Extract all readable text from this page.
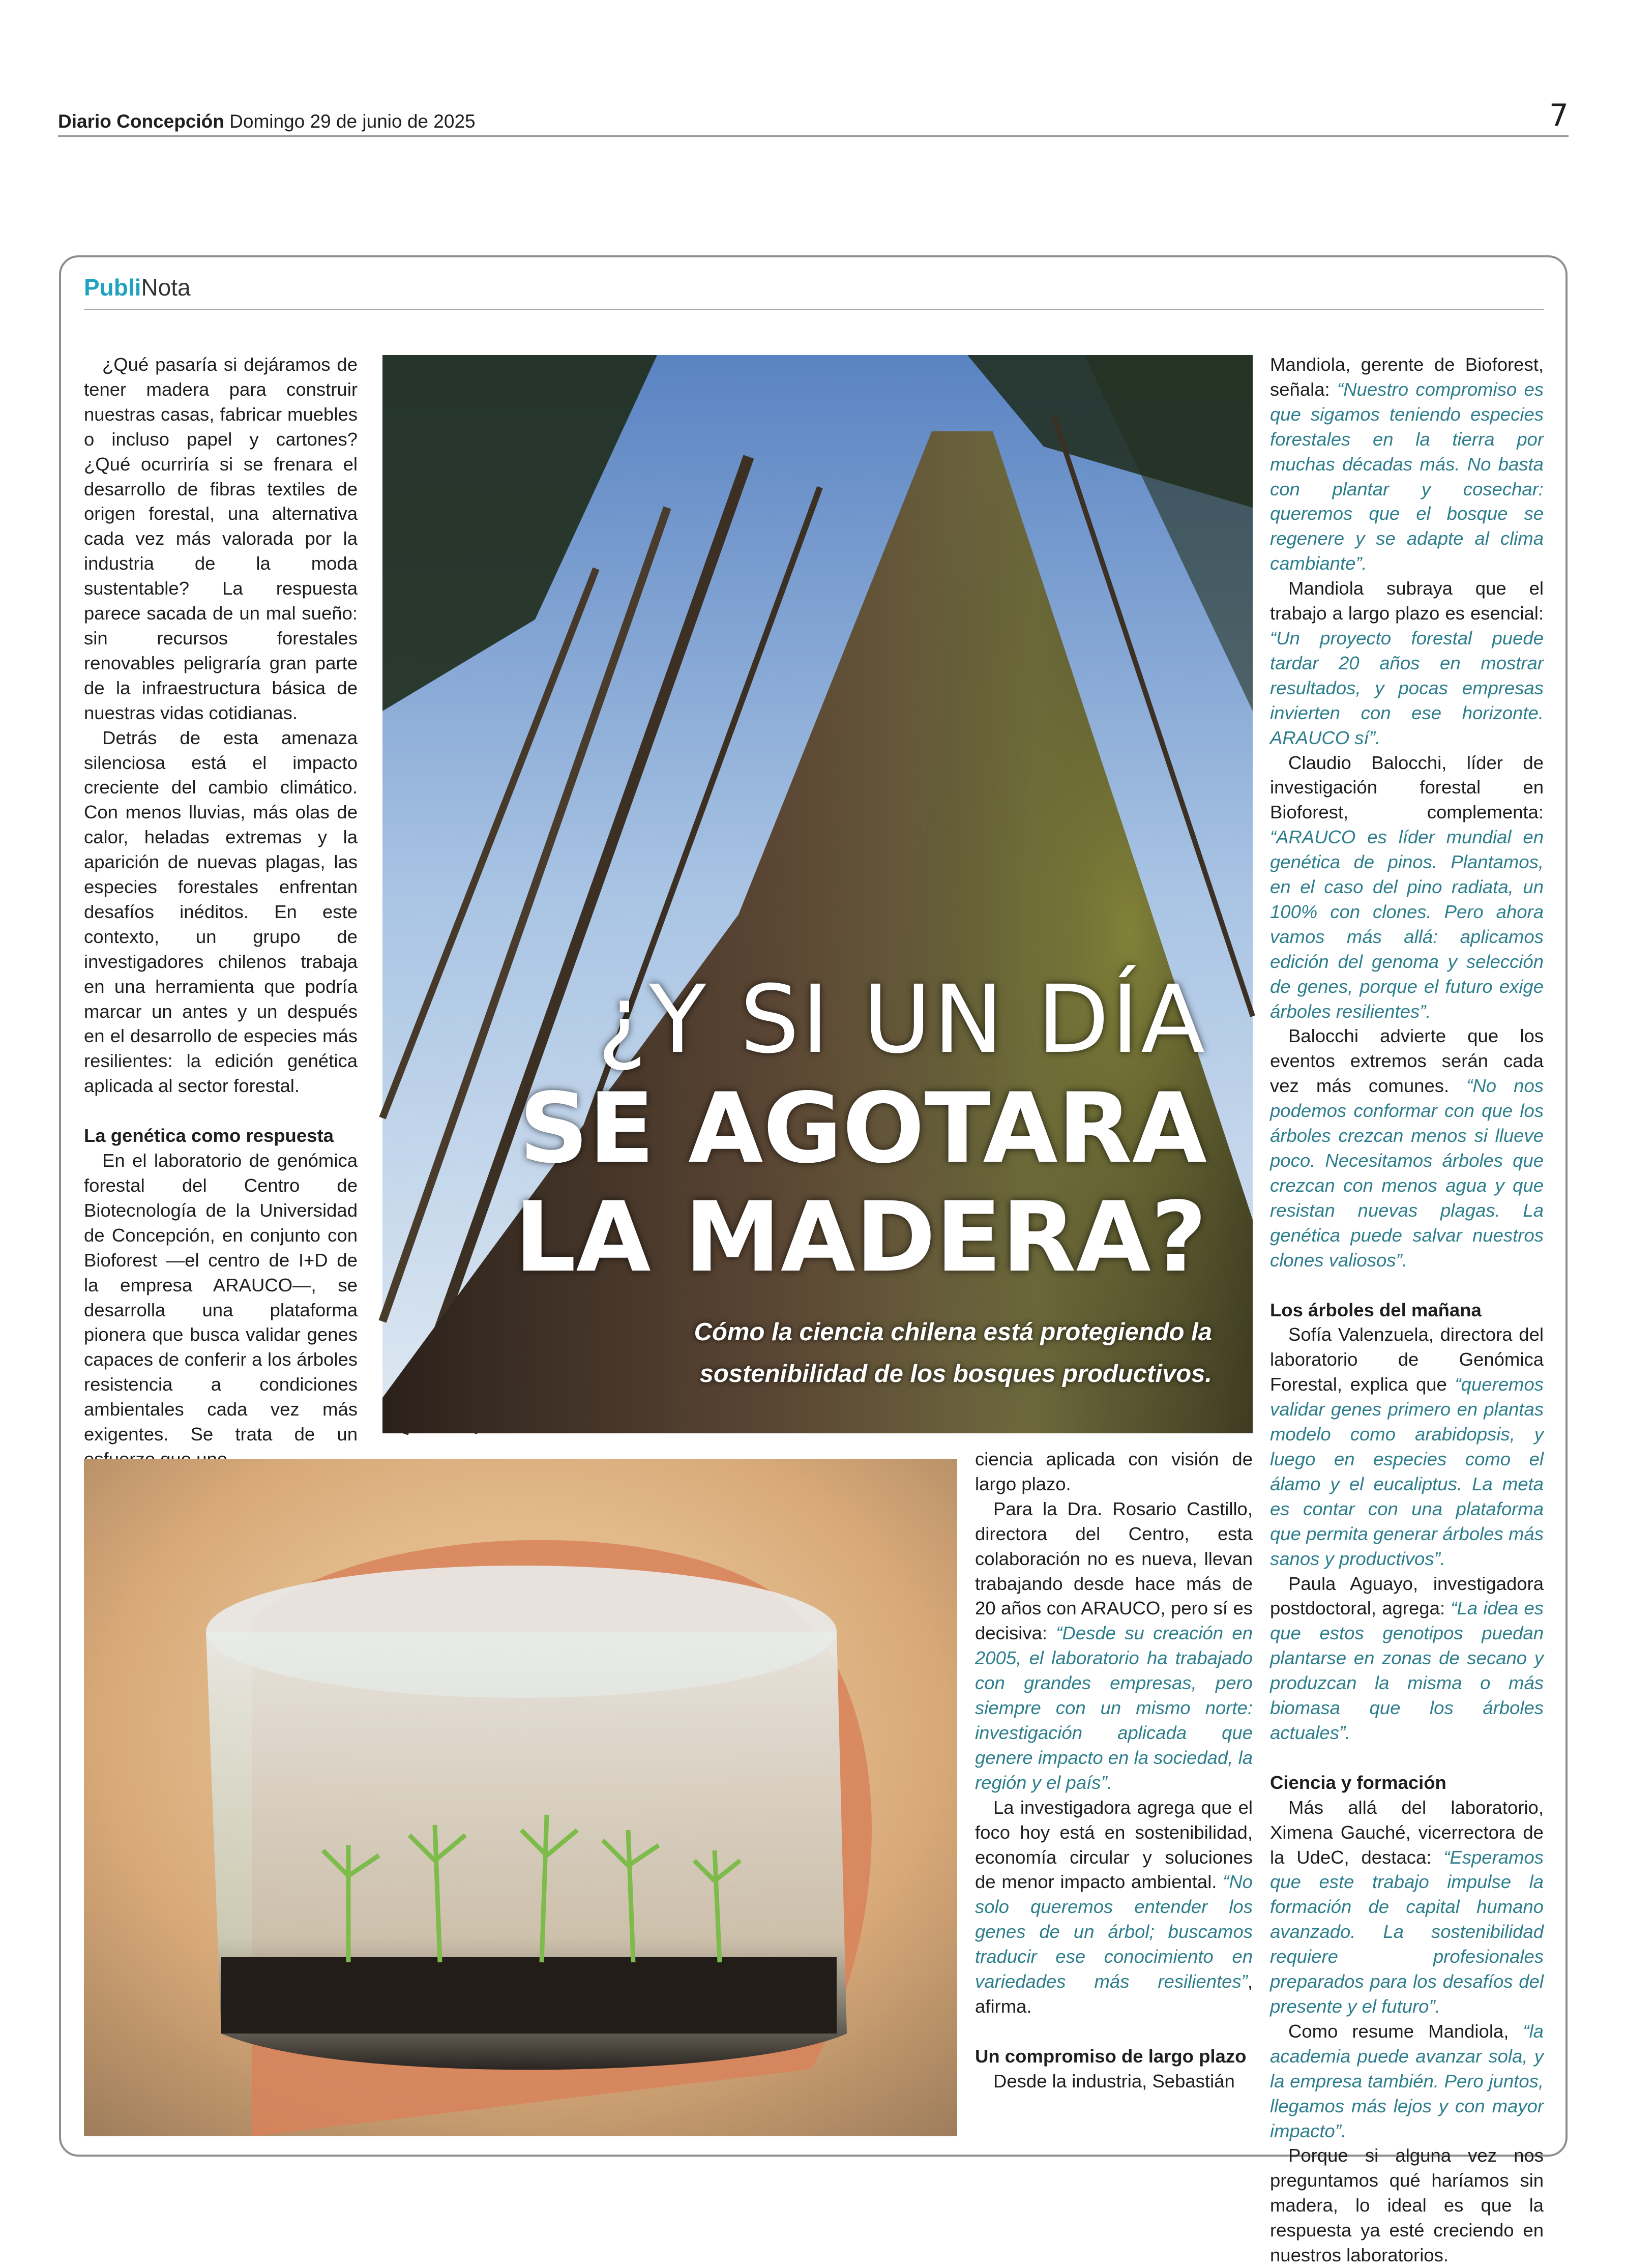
Diario Concepción Domingo 29 de junio de 2025	7
PubliNota

¿Qué pasaría si dejáramos de tener madera para construir nuestras casas, fabricar muebles o incluso papel y cartones? ¿Qué ocurriría si se frenara el desarrollo de fibras textiles de origen forestal, una alternativa cada vez más valorada por la industria de la moda sustentable? La respuesta parece sacada de un mal sueño: sin recursos forestales renovables peligraría gran parte de la infraestructura básica de nuestras vidas cotidianas.

Detrás de esta amenaza silenciosa está el impacto creciente del cambio climático. Con menos lluvias, más olas de calor, heladas extremas y la aparición de nuevas plagas, las especies forestales enfrentan desafíos inéditos. En este contexto, un grupo de investigadores chilenos trabaja en una herramienta que podría marcar un antes y un después en el desarrollo de especies más resilientes: la edición genética aplicada al sector forestal.

La genética como respuesta

En el laboratorio de genómica forestal del Centro de Biotecnología de la Universidad de Concepción, en conjunto con Bioforest —el centro de I+D de la empresa ARAUCO—, se desarrolla una plataforma pionera que busca validar genes capaces de conferir a los árboles resistencia a condiciones ambientales cada vez más exigentes. Se trata de un

¿Y SI UN DÍA
SE AGOTARA
LA MADERA?
Cómo la ciencia chilena está protegiendo la sostenibilidad de los bosques productivos.

ciencia aplicada con visión de largo plazo.

Para la Dra. Rosario Castillo, directora del Centro, esta colaboración no es nueva, llevan trabajando desde hace más de 20 años con ARAUCO, pero sí es decisiva: “Desde su creación en 2005, el laboratorio ha trabajado con grandes empresas, pero siempre con un mismo norte: investigación aplicada que genere impacto en la sociedad, la región y el país”.

La investigadora agrega que el foco hoy está en sostenibilidad, economía circular y soluciones de menor impacto ambiental. “No solo queremos entender los genes de un árbol; buscamos traducir ese conocimiento en variedades más resilientes”, afirma.

Un compromiso de largo plazo

Desde la industria, Sebastián

Mandiola, gerente de Bioforest, señala: “Nuestro compromiso es que sigamos teniendo especies forestales en la tierra por muchas décadas más. No basta con plantar y cosechar: queremos que el bosque se regenere y se adapte al clima cambiante”.

Mandiola subraya que el trabajo a largo plazo es esencial: “Un proyecto forestal puede tardar 20 años en mostrar resultados, y pocas empresas invierten con ese horizonte. ARAUCO sí”.

Claudio Balocchi, líder de investigación forestal en Bioforest, complementa: “ARAUCO es líder mundial en genética de pinos. Plantamos, en el caso del pino radiata, un 100% con clones. Pero ahora vamos más allá: aplicamos edición del genoma y selección de genes, porque el futuro exige árboles resilientes”.

Balocchi advierte que los eventos extremos serán cada vez más comunes. “No nos podemos conformar con que los árboles crezcan menos si llueve poco. Necesitamos árboles que crezcan con menos agua y que resistan nuevas plagas. La genética puede salvar nuestros clones valiosos”.

Los árboles del mañana

Sofía Valenzuela, directora del laboratorio de Genómica Forestal, explica que “queremos validar genes primero en plantas modelo como arabidopsis, y luego en especies como el álamo y el eucaliptus. La meta es contar con una plataforma que permita generar árboles más sanos y productivos”.

Paula Aguayo, investigadora postdoctoral, agrega: “La idea es que estos genotipos puedan plantarse en zonas de secano y produzcan la misma o más biomasa que los árboles actuales”.

Ciencia y formación

Más allá del laboratorio, Ximena Gauché, vicerrectora de la UdeC, destaca: “Esperamos que este trabajo impulse la formación de capital humano avanzado. La sostenibilidad requiere profesionales preparados para los desafíos del presente y el futuro”.

Como resume Mandiola, “la academia puede avanzar sola, y la empresa también. Pero juntos, llegamos más lejos y con mayor impacto”.

Porque si alguna vez nos preguntamos qué haríamos sin madera, lo ideal es que la respuesta ya esté creciendo en nuestros laboratorios.
